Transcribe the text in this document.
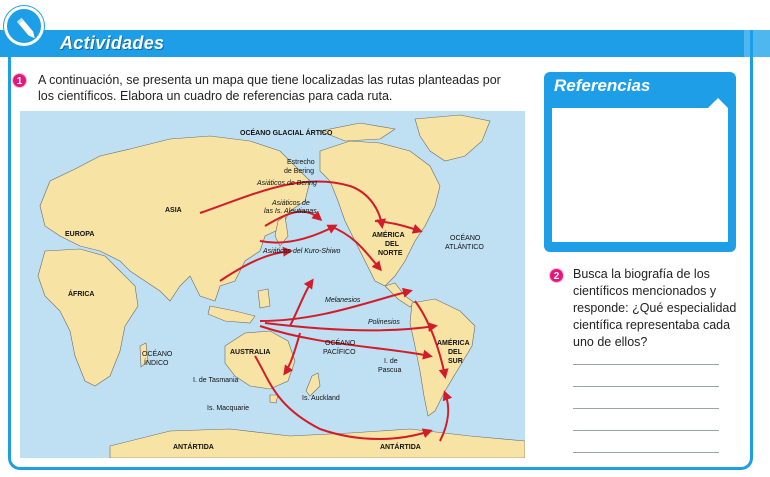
Actividades
1	A continuación, se presenta un mapa que tiene localizadas las rutas planteadas por los científicos. Elabora un cuadro de referencias para cada ruta.
OCÉANO GLACIAL ÁRTICO
Estrecho
de Bering
Asiáticos de Bering
Asiáticos de
las Is. Aleutianas
Asiáticos del Kuro-Shiwo
ASIA
EUROPA
ÁFRICA
AMÉRICA
DEL
NORTE
OCÉANO
ATLÁNTICO
Melanesios
Polinesios
OCÉANO
ÍNDICO
AUSTRALIA
OCÉANO
PACÍFICO
I. de
Pascua
AMÉRICA
DEL
SUR
I. de Tasmania
Is. Auckland
Is. Macquarie
ANTÁRTIDA	ANTÁRTIDA
Referencias
2	Busca la biografía de los científicos mencionados y responde: ¿Qué especialidad científica representaba cada uno de ellos?
